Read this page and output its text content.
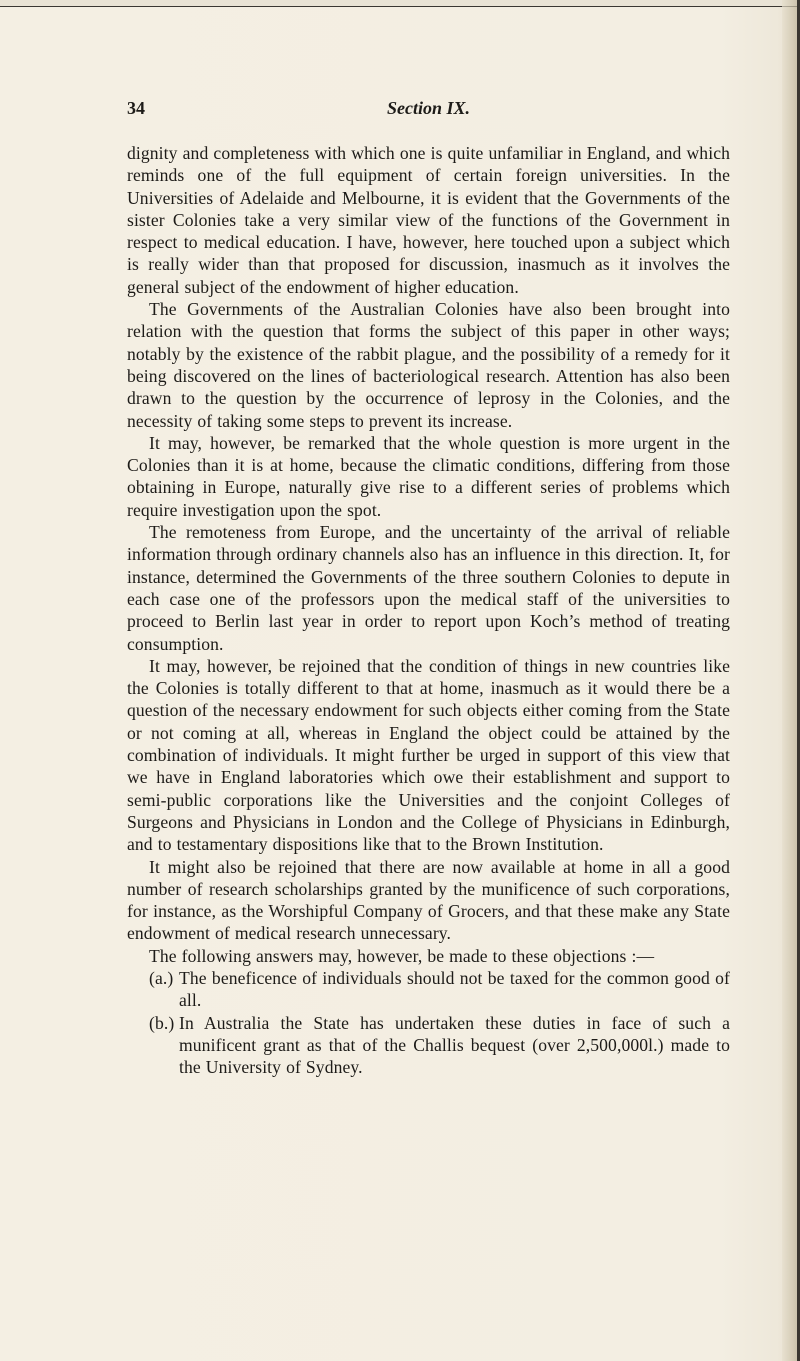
34	Section IX.

dignity and completeness with which one is quite unfamiliar in England, and which reminds one of the full equipment of certain foreign universities. In the Universities of Adelaide and Melbourne, it is evident that the Governments of the sister Colonies take a very similar view of the functions of the Government in respect to medical education. I have, however, here touched upon a subject which is really wider than that proposed for discussion, inasmuch as it involves the general subject of the endowment of higher education.

The Governments of the Australian Colonies have also been brought into relation with the question that forms the subject of this paper in other ways; notably by the existence of the rabbit plague, and the possibility of a remedy for it being discovered on the lines of bacteriological research. Attention has also been drawn to the question by the occurrence of leprosy in the Colonies, and the necessity of taking some steps to prevent its increase.

It may, however, be remarked that the whole question is more urgent in the Colonies than it is at home, because the climatic conditions, differing from those obtaining in Europe, naturally give rise to a different series of problems which require investigation upon the spot.

The remoteness from Europe, and the uncertainty of the arrival of reliable information through ordinary channels also has an influence in this direction. It, for instance, determined the Governments of the three southern Colonies to depute in each case one of the professors upon the medical staff of the universities to proceed to Berlin last year in order to report upon Koch’s method of treating consumption.

It may, however, be rejoined that the condition of things in new countries like the Colonies is totally different to that at home, inasmuch as it would there be a question of the necessary endowment for such objects either coming from the State or not coming at all, whereas in England the object could be attained by the combination of individuals. It might further be urged in support of this view that we have in England laboratories which owe their establishment and support to semi-public corporations like the Universities and the conjoint Colleges of Surgeons and Physicians in London and the College of Physicians in Edinburgh, and to testamentary dispositions like that to the Brown Institution.

It might also be rejoined that there are now available at home in all a good number of research scholarships granted by the munificence of such corporations, for instance, as the Worshipful Company of Grocers, and that these make any State endowment of medical research unnecessary.

The following answers may, however, be made to these objections :—

(a.) The beneficence of individuals should not be taxed for the common good of all.
(b.) In Australia the State has undertaken these duties in face of such a munificent grant as that of the Challis bequest (over 2,500,000l.) made to the University of Sydney.
